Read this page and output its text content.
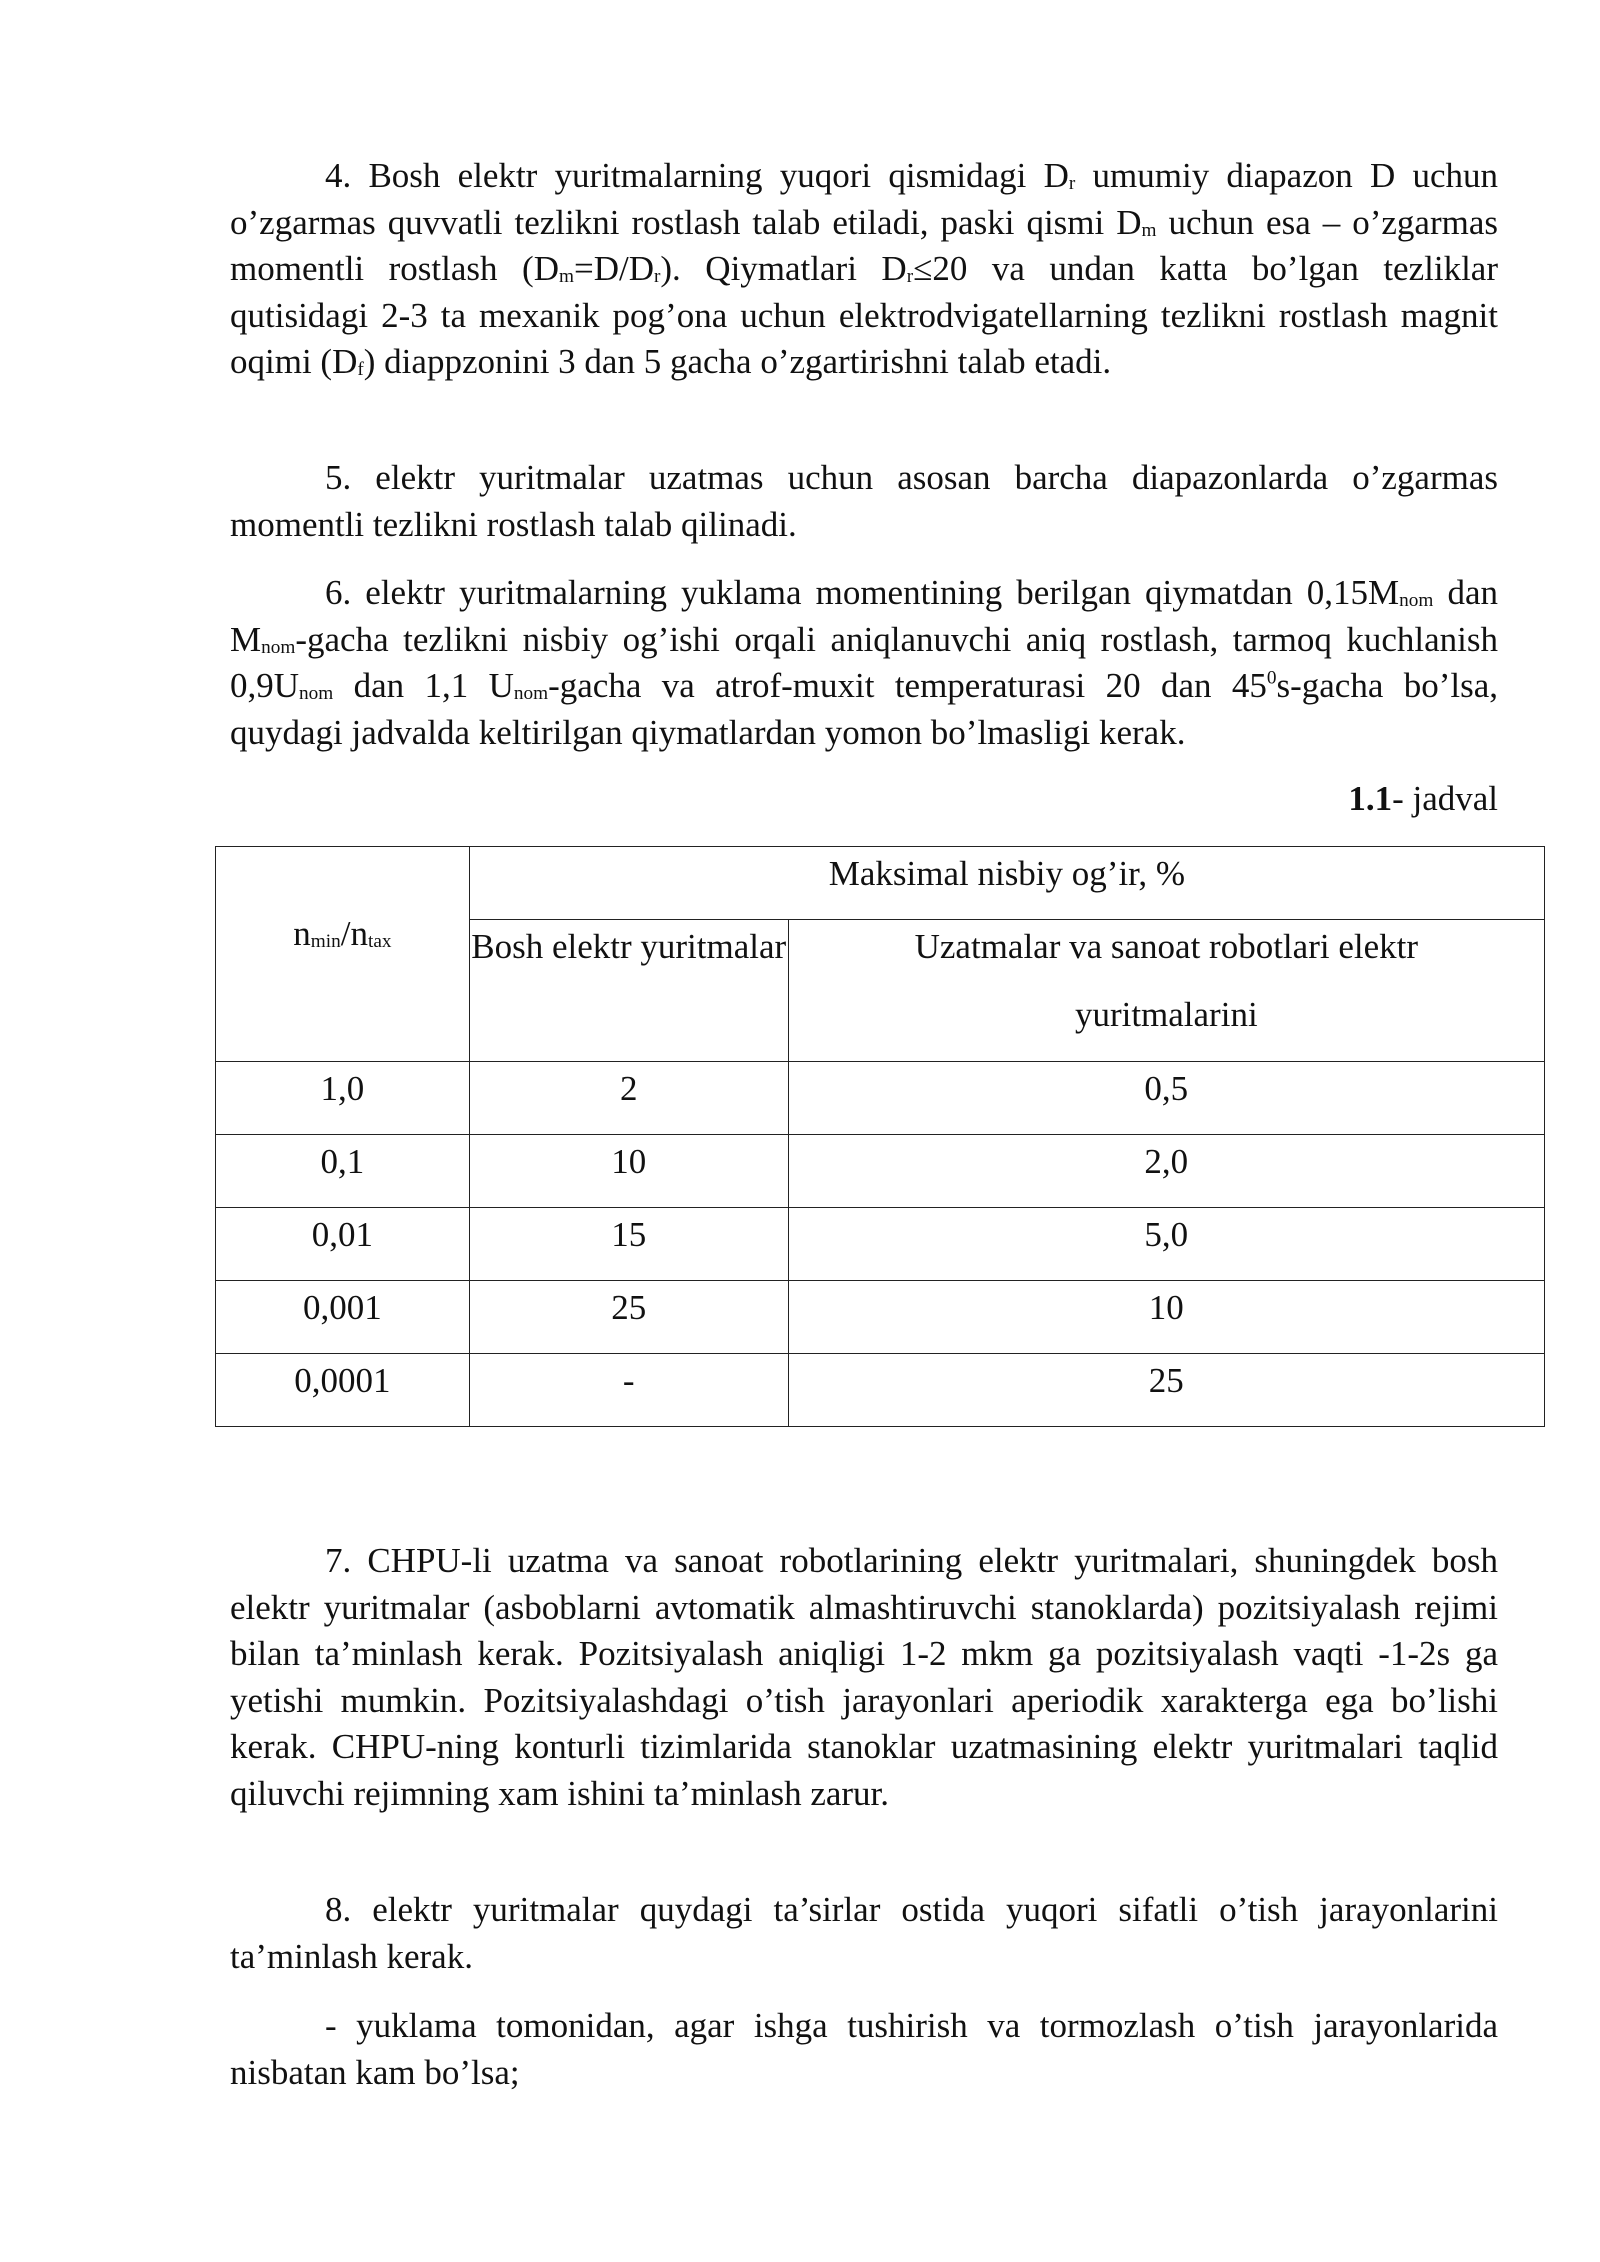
4. Bosh elektr yuritmalarning yuqori qismidagi $D_r$ umumiy diapazon D uchun o’zgarmas quvvatli tezlikni rostlash talab etiladi, paski qismi $D_m$ uchun esa – o’zgarmas momentli rostlash $(D_m=D/D_r)$. Qiymatlari $D_r\le 20$ va undan katta bo’lgan tezliklar qutisidagi 2-3 ta mexanik pog’ona uchun elektrodvigatellarning tezlikni rostlash magnit oqimi $(D_f)$ diappzonini 3 dan 5 gacha o’zgartirishni talab etadi.

5. elektr yuritmalar uzatmas uchun asosan barcha diapazonlarda o’zgarmas momentli tezlikni rostlash talab qilinadi.

6. elektr yuritmalarning yuklama momentining berilgan qiymatdan $0,15M_{nom}$ dan $M_{nom}$-gacha tezlikni nisbiy og’ishi orqali aniqlanuvchi aniq rostlash, tarmoq kuchlanish $0,9U_{nom}$ dan 1,1 $U_{nom}$-gacha va atrof-muxit temperaturasi 20 dan $45^0s$-gacha bo’lsa, quydagi jadvalda keltirilgan qiymatlardan yomon bo’lmasligi kerak.

1.1- jadval
$n_{min}/n_{tax}$	Maksimal nisbiy og’ir, %	
	Bosh elektr yuritmalar	Uzatmalar va sanoat robotlari elektr
yuritmalarini

1,0	2	0,5
0,1	10	2,0
0,01	15	5,0
0,001	25	10
0,0001	-	25

7. CHPU-li uzatma va sanoat robotlarining elektr yuritmalari, shuningdek bosh elektr yuritmalar (asboblarni avtomatik almashtiruvchi stanoklarda) pozitsiyalash rejimi bilan ta’minlash kerak. Pozitsiyalash aniqligi 1-2 mkm ga pozitsiyalash vaqti -1-2s ga yetishi mumkin. Pozitsiyalashdagi o’tish jarayonlari aperiodik xarakterga ega bo’lishi kerak. CHPU-ning konturli tizimlarida stanoklar uzatmasining elektr yuritmalari taqlid qiluvchi rejimning xam ishini ta’minlash zarur.

8. elektr yuritmalar quydagi ta’sirlar ostida yuqori sifatli o’tish jarayonlarini ta’minlash kerak.

- yuklama tomonidan, agar ishga tushirish va tormozlash o’tish jarayonlarida nisbatan kam bo’lsa;
